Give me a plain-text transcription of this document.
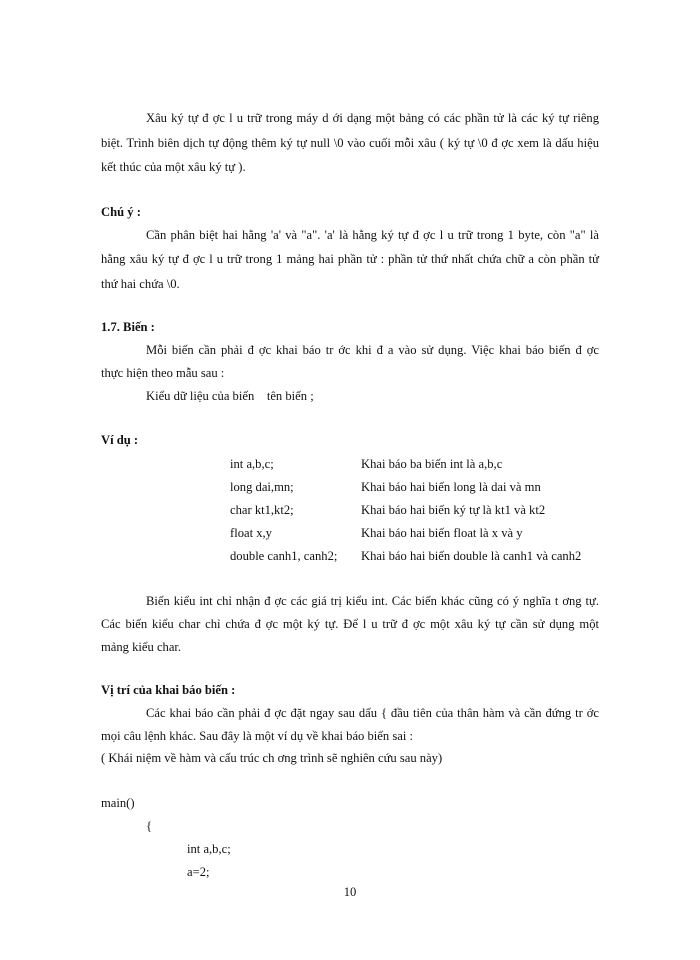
Xâu ký tự đ ợc l u trữ trong máy d ới dạng một bảng có các phần tử là các ký tự riêng
biệt. Trình biên dịch tự động thêm ký tự null \0 vào cuối mỗi xâu ( ký tự \0 đ ợc xem là dấu hiệu
kết thúc của một xâu ký tự ).
Chú ý :
Cần phân biệt hai hằng 'a' và "a". 'a' là hằng ký tự đ ợc l u trữ trong 1 byte, còn "a" là
hằng xâu ký tự đ ợc l u trữ trong 1 mảng hai phần tử : phần tử thứ nhất chứa chữ a còn phần tử
thứ hai chứa \0.
1.7. Biến :
Mỗi biến cần phải đ ợc khai báo tr ớc khi đ a vào sử dụng. Việc khai báo biến đ ợc
thực hiện theo mẫu sau :
Kiểu dữ liệu của biến    tên biến ;
Ví dụ :
int a,b,c;	Khai báo ba biến int là a,b,c
long dai,mn;	Khai báo hai biến long là dai và mn
char kt1,kt2;	Khai báo hai biến ký tự là kt1 và kt2
float x,y	Khai báo hai biến float là x và y
double canh1, canh2; Khai báo hai biến double là canh1 và canh2
Biến kiểu int chỉ nhận đ ợc các giá trị kiểu int. Các biến khác cũng có ý nghĩa t ơng tự.
Các biến kiểu char chỉ chứa đ ợc một ký tự. Để l u trữ đ ợc một xâu ký tự cần sử dụng một
mảng kiểu char.
Vị trí của khai báo biến :
Các khai báo cần phải đ ợc đặt ngay sau dấu { đầu tiên của thân hàm và cần đứng tr ớc
mọi câu lệnh khác. Sau đây là một ví dụ về khai báo biến sai :
( Khái niệm về hàm và cấu trúc ch ơng trình sẽ nghiên cứu sau này)
main()
{
int a,b,c;
a=2;
10
